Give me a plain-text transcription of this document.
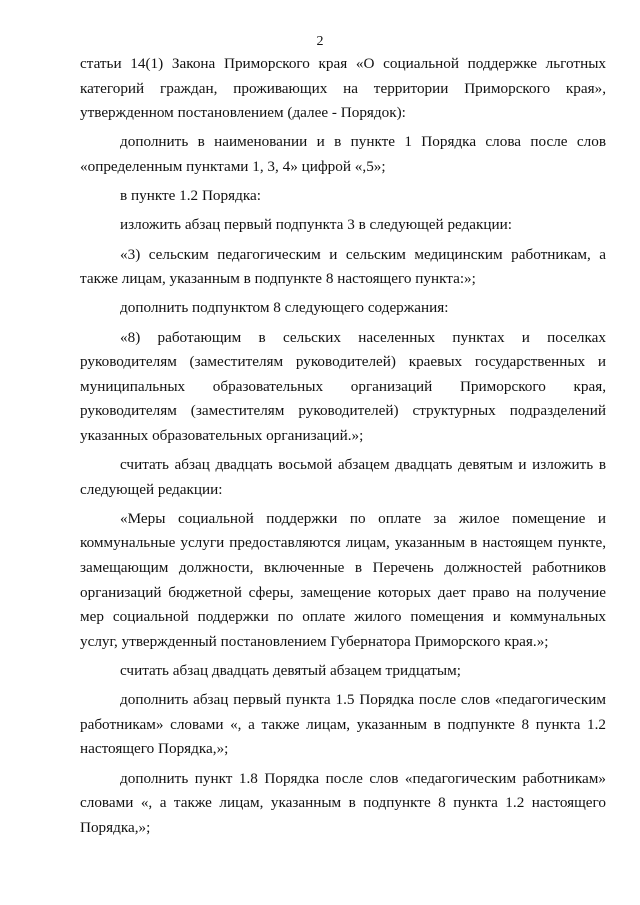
2

статьи 14(1) Закона Приморского края «О социальной поддержке льготных категорий граждан, проживающих на территории Приморского края», утвержденном постановлением (далее - Порядок):

дополнить в наименовании и в пункте 1 Порядка слова после слов «определенным пунктами 1, 3, 4» цифрой «,5»;

в пункте 1.2 Порядка:

изложить абзац первый подпункта 3 в следующей редакции:

«3) сельским педагогическим и сельским медицинским работникам, а также лицам, указанным в подпункте 8 настоящего пункта:»;

дополнить подпунктом 8 следующего содержания:

«8) работающим в сельских населенных пунктах и поселках руководителям (заместителям руководителей) краевых государственных и муниципальных образовательных организаций Приморского края, руководителям (заместителям руководителей) структурных подразделений указанных образовательных организаций.»;

считать абзац двадцать восьмой абзацем двадцать девятым и изложить в следующей редакции:

«Меры социальной поддержки по оплате за жилое помещение и коммунальные услуги предоставляются лицам, указанным в настоящем пункте, замещающим должности, включенные в Перечень должностей работников организаций бюджетной сферы, замещение которых дает право на получение мер социальной поддержки по оплате жилого помещения и коммунальных услуг, утвержденный постановлением Губернатора Приморского края.»;

считать абзац двадцать девятый абзацем тридцатым;

дополнить абзац первый пункта 1.5 Порядка после слов «педагогическим работникам» словами «, а также лицам, указанным в подпункте 8 пункта 1.2 настоящего Порядка,»;

дополнить пункт 1.8 Порядка после слов «педагогическим работникам» словами «, а также лицам, указанным в подпункте 8 пункта 1.2 настоящего Порядка,»;
